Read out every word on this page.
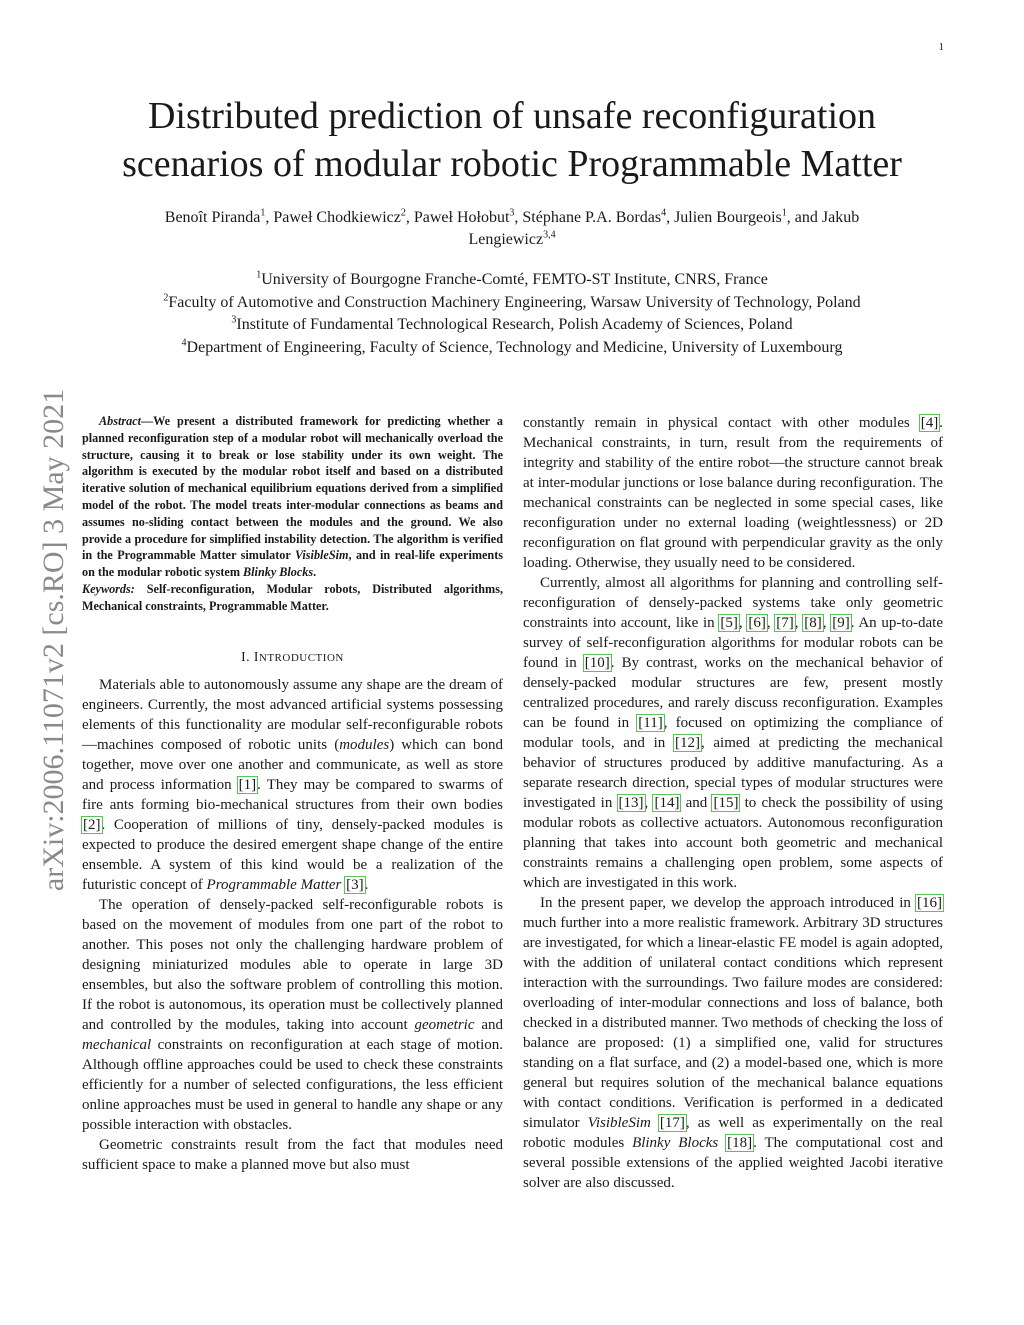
1
arXiv:2006.11071v2 [cs.RO] 3 May 2021
Distributed prediction of unsafe reconfiguration
scenarios of modular robotic Programmable Matter
Benoît Piranda$^1$, Paweł Chodkiewicz$^2$, Paweł Hołobut$^3$, Stéphane P.A. Bordas$^4$, Julien Bourgeois$^1$, and Jakub
Lengiewicz$^{3,4}$
$^1$University of Bourgogne Franche-Comté, FEMTO-ST Institute, CNRS, France
$^2$Faculty of Automotive and Construction Machinery Engineering, Warsaw University of Technology, Poland
$^3$Institute of Fundamental Technological Research, Polish Academy of Sciences, Poland
$^4$Department of Engineering, Faculty of Science, Technology and Medicine, University of Luxembourg
Abstract—We present a distributed framework for predicting whether a planned reconfiguration step of a modular robot will mechanically overload the structure, causing it to break or lose stability under its own weight. The algorithm is executed by the modular robot itself and based on a distributed iterative solution of mechanical equilibrium equations derived from a simplified model of the robot. The model treats inter-modular connections as beams and assumes no-sliding contact between the modules and the ground. We also provide a procedure for simplified instability detection. The algorithm is verified in the Programmable Matter simulator VisibleSim, and in real-life experiments on the modular robotic system Blinky Blocks.
Keywords: Self-reconfiguration, Modular robots, Distributed algorithms, Mechanical constraints, Programmable Matter.
I. INTRODUCTION

Materials able to autonomously assume any shape are the dream of engineers. Currently, the most advanced artificial systems possessing elements of this functionality are modular self-reconfigurable robots—machines composed of robotic units (modules) which can bond together, move over one another and communicate, as well as store and process information [1]. They may be compared to swarms of fire ants forming bio-mechanical structures from their own bodies [2]. Cooperation of millions of tiny, densely-packed modules is expected to produce the desired emergent shape change of the entire ensemble. A system of this kind would be a realization of the futuristic concept of Programmable Matter [3].

The operation of densely-packed self-reconfigurable robots is based on the movement of modules from one part of the robot to another. This poses not only the challenging hardware problem of designing miniaturized modules able to operate in large 3D ensembles, but also the software problem of controlling this motion. If the robot is autonomous, its operation must be collectively planned and controlled by the modules, taking into account geometric and mechanical constraints on reconfiguration at each stage of motion. Although offline approaches could be used to check these constraints efficiently for a number of selected configurations, the less efficient online approaches must be used in general to handle any shape or any possible interaction with obstacles.

Geometric constraints result from the fact that modules need sufficient space to make a planned move but also must

constantly remain in physical contact with other modules [4]. Mechanical constraints, in turn, result from the requirements of integrity and stability of the entire robot—the structure cannot break at inter-modular junctions or lose balance during reconfiguration. The mechanical constraints can be neglected in some special cases, like reconfiguration under no external loading (weightlessness) or 2D reconfiguration on flat ground with perpendicular gravity as the only loading. Otherwise, they usually need to be considered.

Currently, almost all algorithms for planning and controlling self-reconfiguration of densely-packed systems take only geometric constraints into account, like in [5], [6], [7], [8], [9]. An up-to-date survey of self-reconfiguration algorithms for modular robots can be found in [10]. By contrast, works on the mechanical behavior of densely-packed modular structures are few, present mostly centralized procedures, and rarely discuss reconfiguration. Examples can be found in [11], focused on optimizing the compliance of modular tools, and in [12], aimed at predicting the mechanical behavior of structures produced by additive manufacturing. As a separate research direction, special types of modular structures were investigated in [13], [14] and [15] to check the possibility of using modular robots as collective actuators. Autonomous reconfiguration planning that takes into account both geometric and mechanical constraints remains a challenging open problem, some aspects of which are investigated in this work.

In the present paper, we develop the approach introduced in [16] much further into a more realistic framework. Arbitrary 3D structures are investigated, for which a linear-elastic FE model is again adopted, with the addition of unilateral contact conditions which represent interaction with the surroundings. Two failure modes are considered: overloading of inter-modular connections and loss of balance, both checked in a distributed manner. Two methods of checking the loss of balance are proposed: (1) a simplified one, valid for structures standing on a flat surface, and (2) a model-based one, which is more general but requires solution of the mechanical balance equations with contact conditions. Verification is performed in a dedicated simulator VisibleSim [17], as well as experimentally on the real robotic modules Blinky Blocks [18]. The computational cost and several possible extensions of the applied weighted Jacobi iterative solver are also discussed.
